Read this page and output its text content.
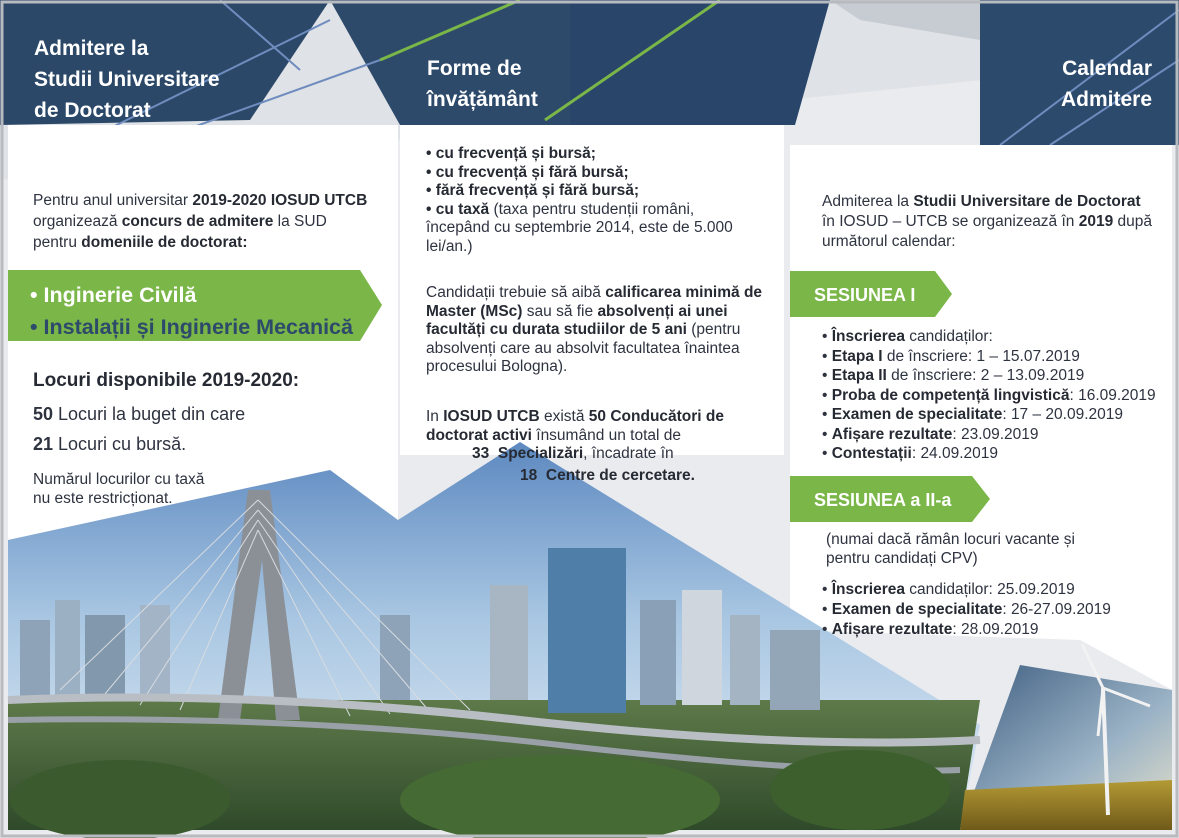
Admitere la
Studii Universitare
de Doctorat
Forme de
învățământ
Calendar
Admitere
Pentru anul universitar 2019-2020 IOSUD UTCB organizează concurs de admitere la SUD pentru domeniile de doctorat:
• Inginerie Civilă
• Instalații și Inginerie Mecanică
Locuri disponibile 2019-2020:
50 Locuri la buget din care
21 Locuri cu bursă.
Numărul locurilor cu taxă
nu este restricționat.
• cu frecvență și bursă;
• cu frecvență și fără bursă;
• fără frecvență și fără bursă;
• cu taxă (taxa pentru studenții români, începând cu septembrie 2014, este de 5.000 lei/an.)
Candidații trebuie să aibă calificarea minimă de Master (MSc) sau să fie absolvenți ai unei facultăți cu durata studiilor de 5 ani (pentru absolvenți care au absolvit facultatea înaintea procesului Bologna).
In IOSUD UTCB există 50 Conducători de doctorat activi însumând un total de
33 Specializări, încadrate în
18 Centre de cercetare.
Admiterea la Studii Universitare de Doctorat în IOSUD – UTCB se organizează în 2019 după următorul calendar:
SESIUNEA I
• Înscrierea candidaților:
• Etapa I de înscriere: 1 – 15.07.2019
• Etapa II de înscriere: 2 – 13.09.2019
• Proba de competență lingvistică: 16.09.2019
• Examen de specialitate: 17 – 20.09.2019
• Afișare rezultate: 23.09.2019
• Contestații: 24.09.2019
SESIUNEA a II-a
(numai dacă rămân locuri vacante și
pentru candidați CPV)
• Înscrierea candidaților: 25.09.2019
• Examen de specialitate: 26-27.09.2019
• Afișare rezultate: 28.09.2019
